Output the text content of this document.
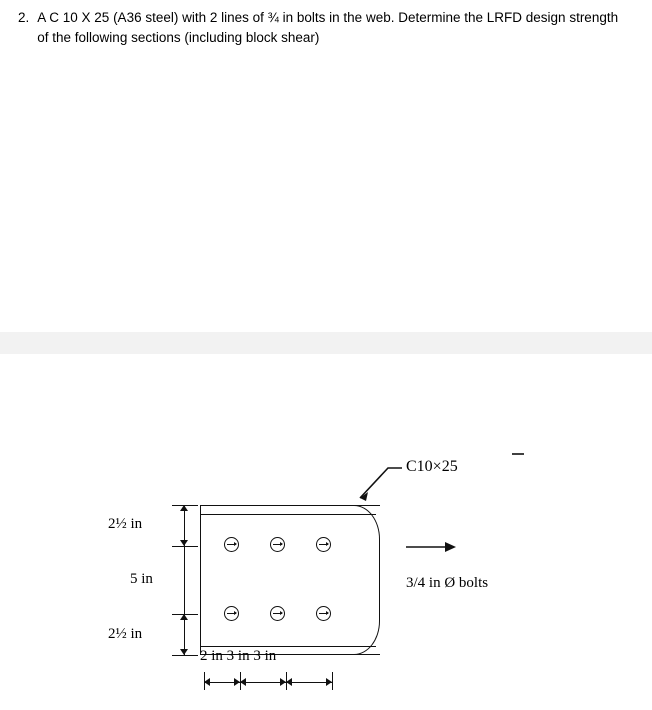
2. A C 10 X 25 (A36 steel) with 2 lines of ¾ in bolts in the web. Determine the LRFD design strength of the following sections (including block shear)
2½ in
5 in
2½ in
2 in 3 in 3 in
C10×25
3/4 in Ø bolts
